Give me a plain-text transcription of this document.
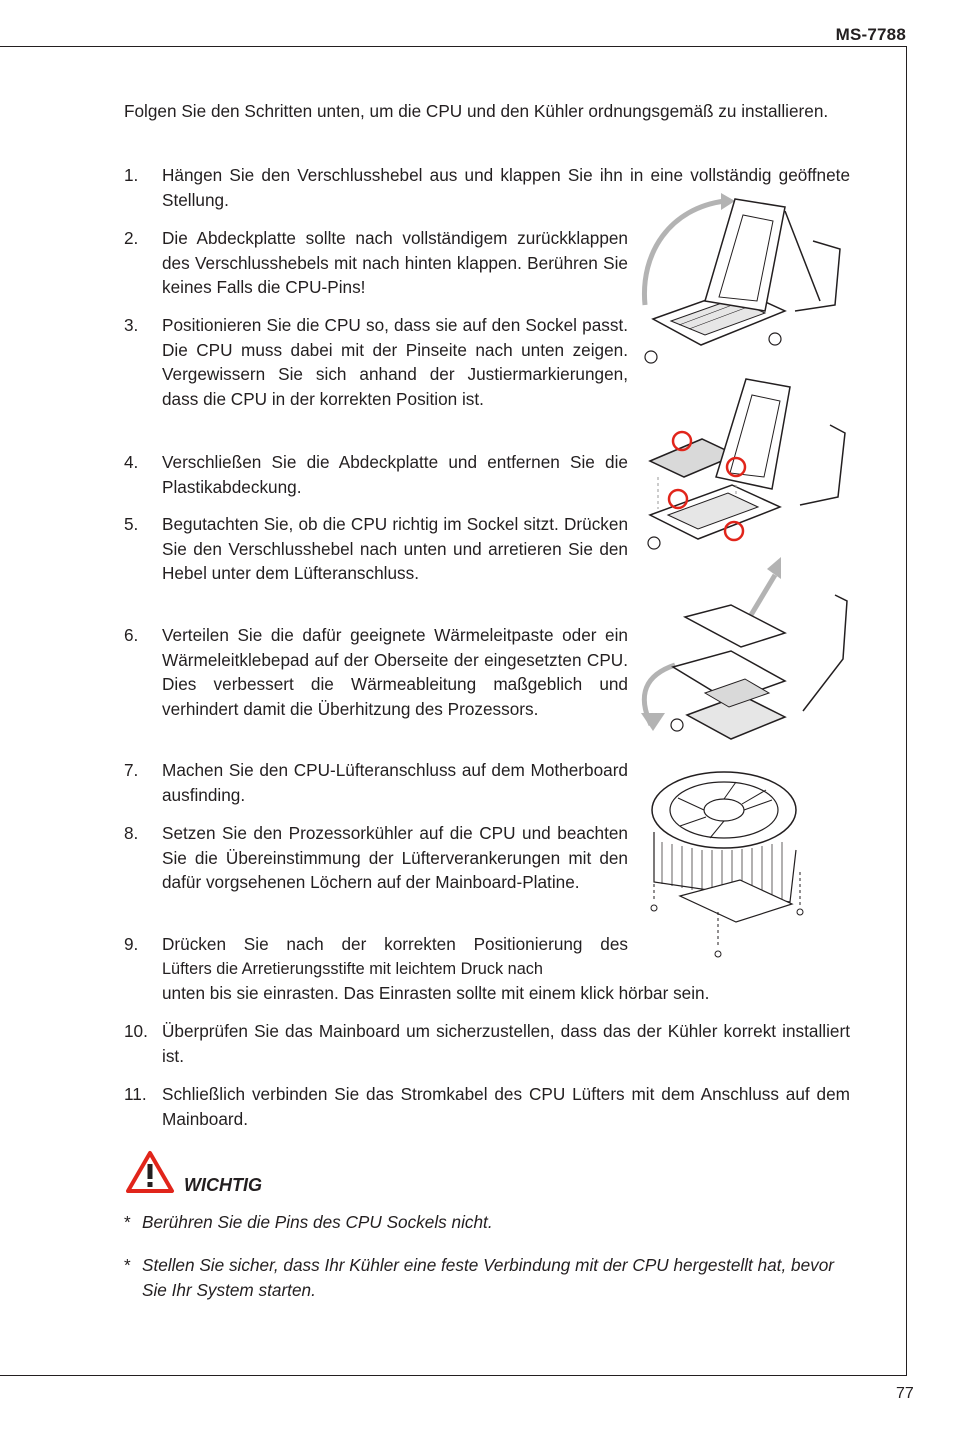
MS-7788
Folgen Sie den Schritten unten, um die CPU und den Kühler ordnungsgemäß zu installieren.
1. Hängen Sie den Verschlusshebel aus und klappen Sie ihn in eine vollständig geöffnete Stellung.
2. Die Abdeckplatte sollte nach vollständigem zurückklappen des Verschlusshebels mit nach hinten klappen. Berühren Sie keines Falls die CPU-Pins!
3. Positionieren Sie die CPU so, dass sie auf den Sockel passt. Die CPU muss dabei mit der Pinseite nach unten zeigen. Vergewissern Sie sich anhand der Justiermarkierungen, dass die CPU in der korrekten Position ist.
4. Verschließen Sie die Abdeckplatte und entfernen Sie die Plastikabdeckung.
5. Begutachten Sie, ob die CPU richtig im Sockel sitzt. Drücken Sie den Verschlusshebel nach unten und arretieren Sie den Hebel unter dem Lüfteranschluss.
6. Verteilen Sie die dafür geeignete Wärmeleitpaste oder ein Wärmeleitklebepad auf der Oberseite der eingesetzten CPU. Dies verbessert die Wärmeableitung maßgeblich und verhindert damit die Überhitzung des Prozessors.
7. Machen Sie den CPU-Lüfteranschluss auf dem Motherboard ausfinding.
8. Setzen Sie den Prozessorkühler auf die CPU und beachten Sie die Übereinstimmung der Lüfterverankerungen mit den dafür vorgsehenen Löchern auf der Mainboard-Platine.
9. Drücken Sie nach der korrekten Positionierung des
Lüfters die Arretierungsstifte mit leichtem Druck nach
unten bis sie einrasten. Das Einrasten sollte mit einem klick hörbar sein.
10. Überprüfen Sie das Mainboard um sicherzustellen, dass das der Kühler korrekt installiert ist.
11. Schließlich verbinden Sie das Stromkabel des CPU Lüfters mit dem Anschluss auf dem Mainboard.
WICHTIG
* Berühren Sie die Pins des CPU Sockels nicht.
* Stellen Sie sicher, dass Ihr Kühler eine feste Verbindung mit der CPU hergestellt hat, bevor Sie Ihr System starten.
77
